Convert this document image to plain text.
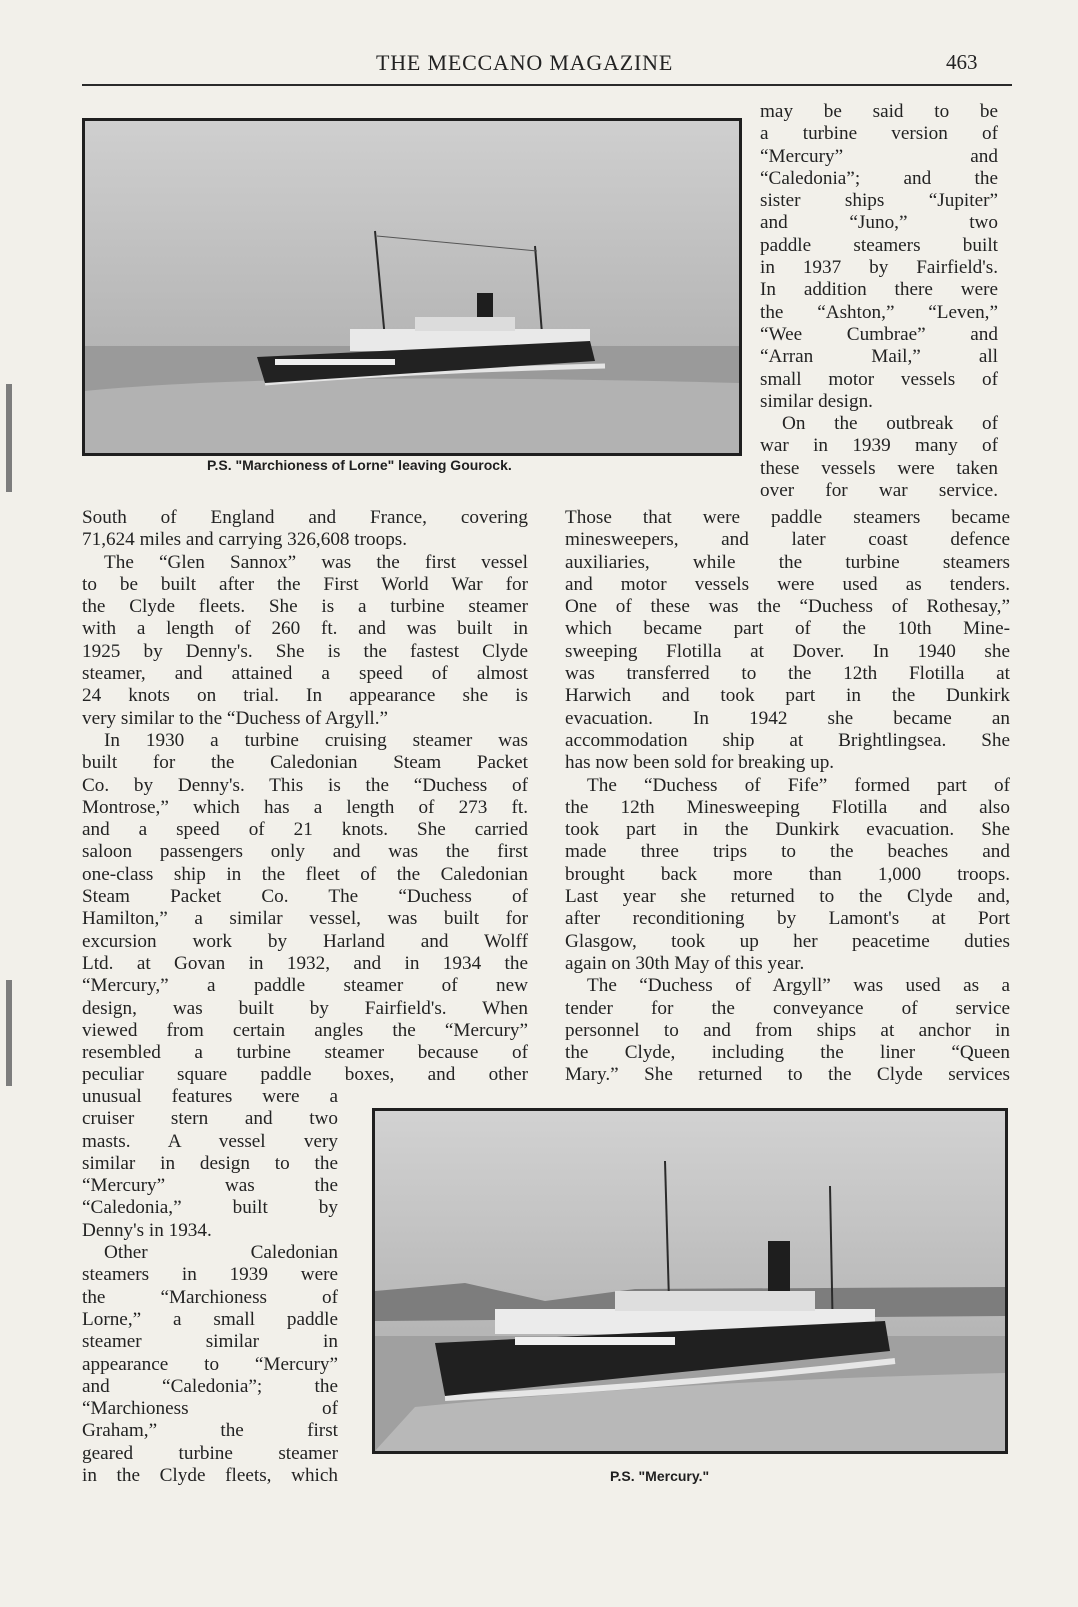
THE MECCANO MAGAZINE	463
P.S. "Marchioness of Lorne" leaving Gourock.
may be said to be
a turbine version of
“Mercury” and
“Caledonia”; and the
sister ships “Jupiter”
and “Juno,” two
paddle steamers built
in 1937 by Fairfield's.
In addition there were
the “Ashton,” “Leven,”
“Wee Cumbrae” and
“Arran Mail,” all
small motor vessels of
similar design.
On the outbreak of
war in 1939 many of
these vessels were taken
over for war service.
South of England and France, covering
71,624 miles and carrying 326,608 troops.
The “Glen Sannox” was the first vessel
to be built after the First World War for
the Clyde fleets. She is a turbine steamer
with a length of 260 ft. and was built in
1925 by Denny's. She is the fastest Clyde
steamer, and attained a speed of almost
24 knots on trial. In appearance she is
very similar to the “Duchess of Argyll.”
In 1930 a turbine cruising steamer was
built for the Caledonian Steam Packet
Co. by Denny's. This is the “Duchess of
Montrose,” which has a length of 273 ft.
and a speed of 21 knots. She carried
saloon passengers only and was the first
one-class ship in the fleet of the Caledonian
Steam Packet Co. The “Duchess of
Hamilton,” a similar vessel, was built for
excursion work by Harland and Wolff
Ltd. at Govan in 1932, and in 1934 the
“Mercury,” a paddle steamer of new
design, was built by Fairfield's. When
viewed from certain angles the “Mercury”
resembled a turbine steamer because of
peculiar square paddle boxes, and other
unusual features were a
cruiser stern and two
masts. A vessel very
similar in design to the
“Mercury” was the
“Caledonia,” built by
Denny's in 1934.
Other Caledonian
steamers in 1939 were
the “Marchioness of
Lorne,” a small paddle
steamer similar in
appearance to “Mercury”
and “Caledonia”; the
“Marchioness of
Graham,” the first
geared turbine steamer
in the Clyde fleets, which
Those that were paddle steamers became
minesweepers, and later coast defence
auxiliaries, while the turbine steamers
and motor vessels were used as tenders.
One of these was the “Duchess of Rothesay,”
which became part of the 10th Mine-
sweeping Flotilla at Dover. In 1940 she
was transferred to the 12th Flotilla at
Harwich and took part in the Dunkirk
evacuation. In 1942 she became an
accommodation ship at Brightlingsea. She
has now been sold for breaking up.
The “Duchess of Fife” formed part of
the 12th Minesweeping Flotilla and also
took part in the Dunkirk evacuation. She
made three trips to the beaches and
brought back more than 1,000 troops.
Last year she returned to the Clyde and,
after reconditioning by Lamont's at Port
Glasgow, took up her peacetime duties
again on 30th May of this year.
The “Duchess of Argyll” was used as a
tender for the conveyance of service
personnel to and from ships at anchor in
the Clyde, including the liner “Queen
Mary.” She returned to the Clyde services
P.S. "Mercury."
